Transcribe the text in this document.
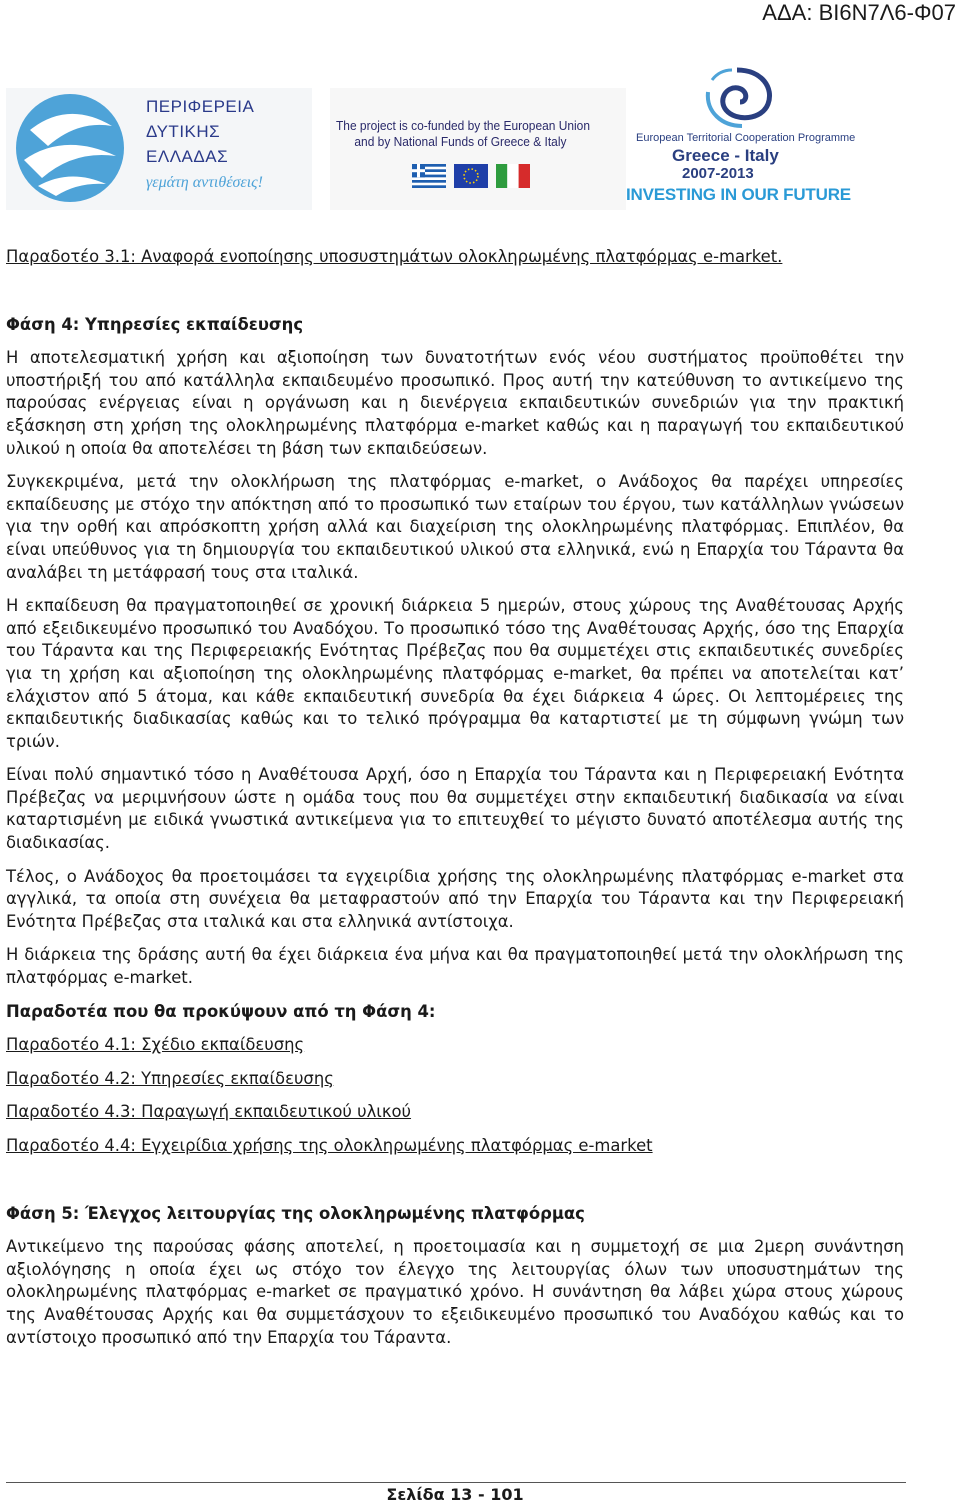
ΑΔΑ: ΒΙ6Ν7Λ6-Φ07
ΠΕΡΙΦΕΡΕΙΑ
ΔΥΤΙΚΗΣ
ΕΛΛΑΔΑΣ
γεμάτη αντιθέσεις!
The project is co-funded by the European Union
and by National Funds of Greece & Italy	European Territorial Cooperation Programme
Greece - Italy
2007-2013
INVESTING IN OUR FUTURE

Παραδοτέο 3.1: Αναφορά ενοποίησης υποσυστημάτων ολοκληρωμένης πλατφόρμας e-market.

Φάση 4: Υπηρεσίες εκπαίδευσης

Η αποτελεσματική χρήση και αξιοποίηση των δυνατοτήτων ενός νέου συστήματος προϋποθέτει την υποστήριξή του από κατάλληλα εκπαιδευμένο προσωπικό. Προς αυτή την κατεύθυνση το αντικείμενο της παρούσας ενέργειας είναι η οργάνωση και η διενέργεια εκπαιδευτικών συνεδριών για την πρακτική εξάσκηση στη χρήση της ολοκληρωμένης πλατφόρμα e-market καθώς και η παραγωγή του εκπαιδευτικού υλικού η οποία θα αποτελέσει τη βάση των εκπαιδεύσεων.

Συγκεκριμένα, μετά την ολοκλήρωση της πλατφόρμας e-market, ο Ανάδοχος θα παρέχει υπηρεσίες εκπαίδευσης με στόχο την απόκτηση από το προσωπικό των εταίρων του έργου, των κατάλληλων γνώσεων για την ορθή και απρόσκοπτη χρήση αλλά και διαχείριση της ολοκληρωμένης πλατφόρμας. Επιπλέον, θα είναι υπεύθυνος για τη δημιουργία του εκπαιδευτικού υλικού στα ελληνικά, ενώ η Επαρχία του Τάραντα θα αναλάβει τη μετάφρασή τους στα ιταλικά.

Η εκπαίδευση θα πραγματοποιηθεί σε χρονική διάρκεια 5 ημερών, στους χώρους της Αναθέτουσας Αρχής από εξειδικευμένο προσωπικό του Αναδόχου. Το προσωπικό τόσο της Αναθέτουσας Αρχής, όσο της Επαρχία του Τάραντα και της Περιφερειακής Ενότητας Πρέβεζας που θα συμμετέχει στις εκπαιδευτικές συνεδρίες για τη χρήση και αξιοποίηση της ολοκληρωμένης πλατφόρμας e-market, θα πρέπει να αποτελείται κατ’ ελάχιστον από 5 άτομα, και κάθε εκπαιδευτική συνεδρία θα έχει διάρκεια 4 ώρες. Οι λεπτομέρειες της εκπαιδευτικής διαδικασίας καθώς και το τελικό πρόγραμμα θα καταρτιστεί με τη σύμφωνη γνώμη των τριών.

Είναι πολύ σημαντικό τόσο η Αναθέτουσα Αρχή, όσο η Επαρχία του Τάραντα και η Περιφερειακή Ενότητα Πρέβεζας να μεριμνήσουν ώστε η ομάδα τους που θα συμμετέχει στην εκπαιδευτική διαδικασία να είναι καταρτισμένη με ειδικά γνωστικά αντικείμενα για το επιτευχθεί το μέγιστο δυνατό αποτέλεσμα αυτής της διαδικασίας.

Τέλος, ο Ανάδοχος θα προετοιμάσει τα εγχειρίδια χρήσης της ολοκληρωμένης πλατφόρμας e-market στα αγγλικά, τα οποία στη συνέχεια θα μεταφραστούν από την Επαρχία του Τάραντα και την Περιφερειακή Ενότητα Πρέβεζας στα ιταλικά και στα ελληνικά αντίστοιχα.

Η διάρκεια της δράσης αυτή θα έχει διάρκεια ένα μήνα και θα πραγματοποιηθεί μετά την ολοκλήρωση της πλατφόρμας e-market.

Παραδοτέα που θα προκύψουν από τη Φάση 4:

Παραδοτέο 4.1: Σχέδιο εκπαίδευσης

Παραδοτέο 4.2: Υπηρεσίες εκπαίδευσης

Παραδοτέο 4.3: Παραγωγή εκπαιδευτικού υλικού

Παραδοτέο 4.4: Εγχειρίδια χρήσης της ολοκληρωμένης πλατφόρμας e-market

Φάση 5: Έλεγχος λειτουργίας της ολοκληρωμένης πλατφόρμας

Αντικείμενο της παρούσας φάσης αποτελεί, η προετοιμασία και η συμμετοχή σε μια 2μερη συνάντηση αξιολόγησης η οποία έχει ως στόχο τον έλεγχο της λειτουργίας όλων των υποσυστημάτων της ολοκληρωμένης πλατφόρμας e-market σε πραγματικό χρόνο. Η συνάντηση θα λάβει χώρα στους χώρους της Αναθέτουσας Αρχής και θα συμμετάσχουν το εξειδικευμένο προσωπικό του Αναδόχου καθώς και το αντίστοιχο προσωπικό από την Επαρχία του Τάραντα.

Σελίδα 13 - 101
